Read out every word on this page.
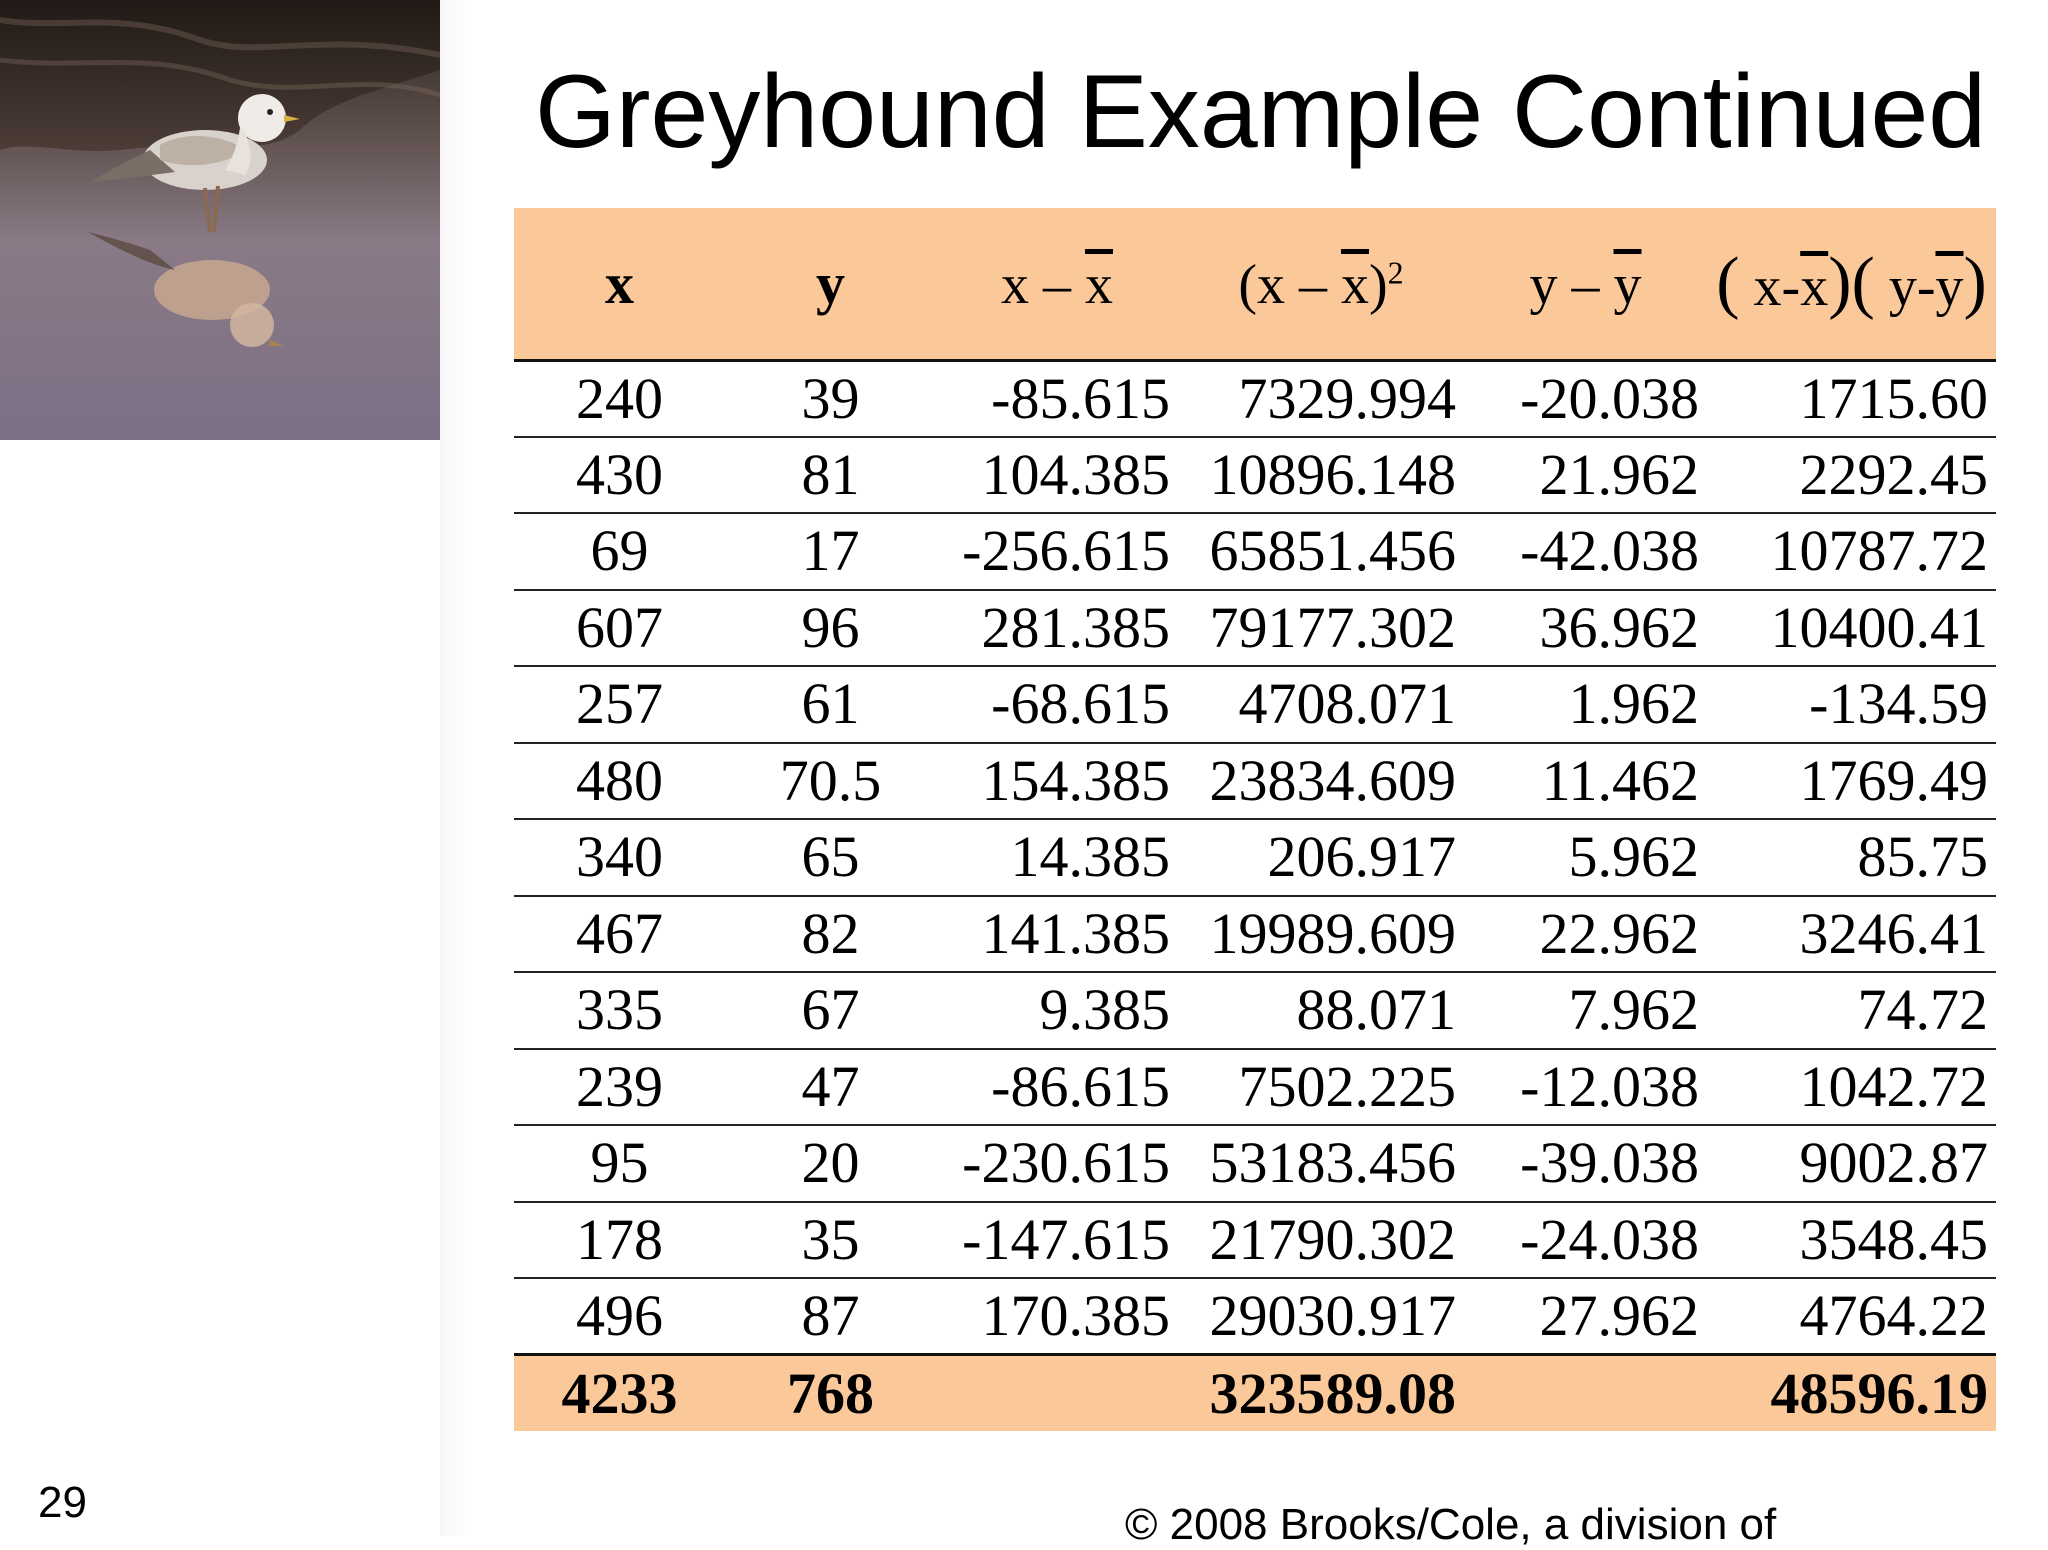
Greyhound Example Continued
x	y	x – $\overline{x}$	$(x - \overline{x})^2$	y – $\overline{y}$	( $x-\overline{x}$)( $y-\overline{y}$)
240	39	-85.615	7329.994	-20.038	1715.60
430	81	104.385	10896.148	21.962	2292.45
69	17	-256.615	65851.456	-42.038	10787.72
607	96	281.385	79177.302	36.962	10400.41
257	61	-68.615	4708.071	1.962	-134.59
480	70.5	154.385	23834.609	11.462	1769.49
340	65	14.385	206.917	5.962	85.75
467	82	141.385	19989.609	22.962	3246.41
335	67	9.385	88.071	7.962	74.72
239	47	-86.615	7502.225	-12.038	1042.72
95	20	-230.615	53183.456	-39.038	9002.87
178	35	-147.615	21790.302	-24.038	3548.45
496	87	170.385	29030.917	27.962	4764.22
4233	768		323589.08		48596.19
29	© 2008 Brooks/Cole, a division of
